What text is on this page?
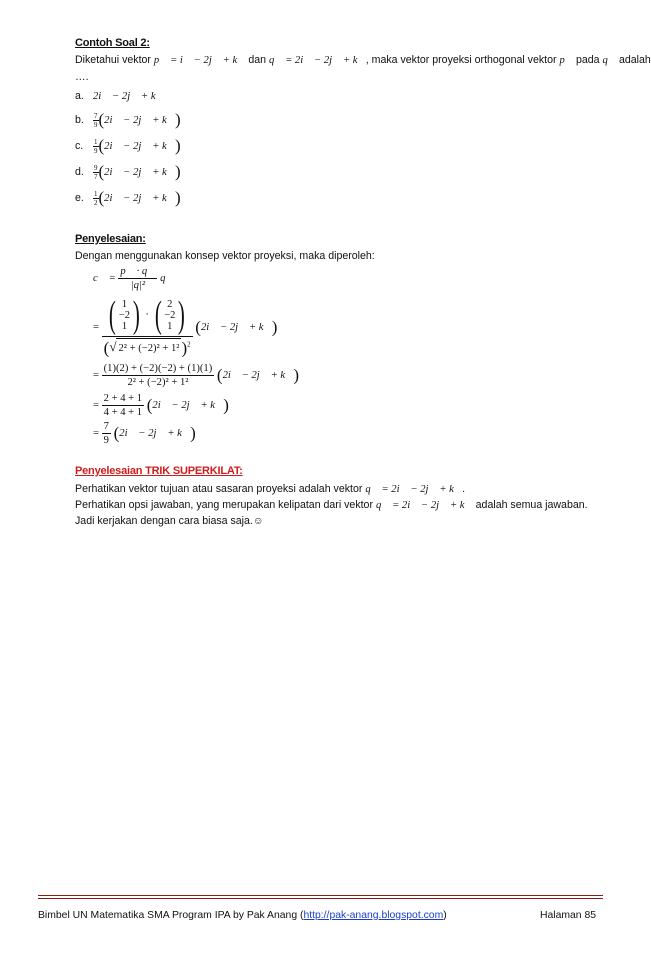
Contoh Soal 2:
Diketahui vektor p⃗ = i⃗ − 2j⃗ + k⃗ dan q⃗ = 2i⃗ − 2j⃗ + k⃗, maka vektor proyeksi orthogonal vektor p⃗ pada q⃗ adalah
….
a. 2i⃗ − 2j⃗ + k⃗
b. $\frac{7}{9}$ (2i⃗ − 2j⃗ + k⃗)
c. $\frac{1}{9}$ (2i⃗ − 2j⃗ + k⃗)
d. $\frac{9}{7}$ (2i⃗ − 2j⃗ + k⃗)
e. $\frac{1}{2}$ (2i⃗ − 2j⃗ + k⃗)
Penyelesaian:
Dengan menggunakan konsep vektor proyeksi, maka diperoleh:
c⃗ = $\frac{p⃗ \cdot q⃗}{\text{|q|²}}$ q⃗
= ( 1
−2
1 ) · ( 2
−2
1 )
(√ 2² + (−2)² + 1² )$^2$ (2i⃗ − 2j⃗ + k⃗)
= $\frac{(1)(2) + (-2)(-2) + (1)(1)}{\text{2² + (−2)² + 1²}}$ (2i⃗ − 2j⃗ + k⃗)
= $\frac{2 + 4 + 1}{4 + 4 + 1}$ (2i⃗ − 2j⃗ + k⃗)
= $\frac{7}{9}$ (2i⃗ − 2j⃗ + k⃗)
Penyelesaian TRIK SUPERKILAT:
Perhatikan vektor tujuan atau sasaran proyeksi adalah vektor q⃗ = 2i⃗ − 2j⃗ + k⃗.
Perhatikan opsi jawaban, yang merupakan kelipatan dari vektor q⃗ = 2i⃗ − 2j⃗ + k⃗ adalah semua jawaban.
Jadi kerjakan dengan cara biasa saja.☺
Bimbel UN Matematika SMA Program IPA by Pak Anang (http://pak-anang.blogspot.com)	Halaman 85
